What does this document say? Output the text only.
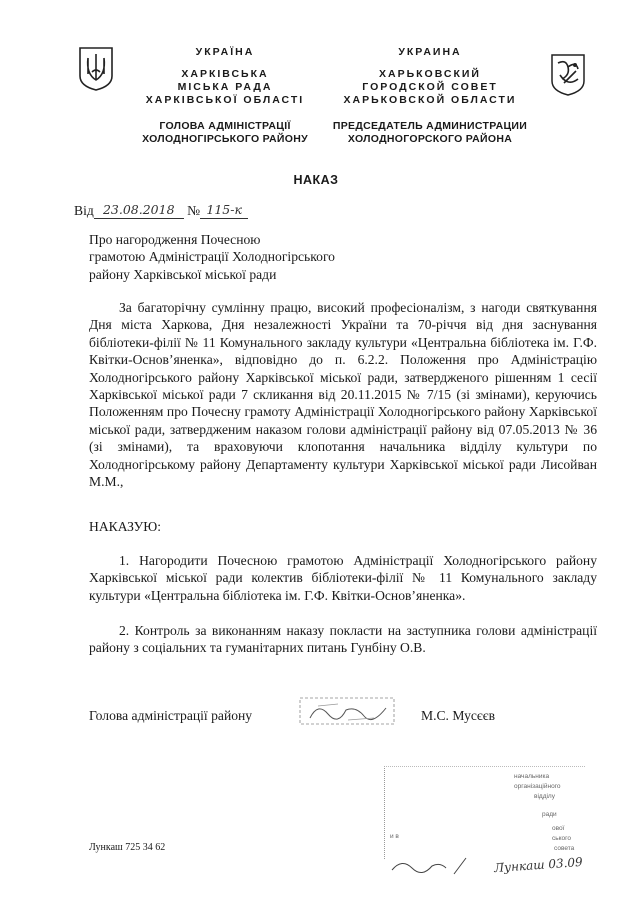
УКРАЇНА
ХАРКІВСЬКА
МІСЬКА РАДА
ХАРКІВСЬКОЇ ОБЛАСТІ
ГОЛОВА АДМІНІСТРАЦІЇ
ХОЛОДНОГІРСЬКОГО РАЙОНУ
УКРАИНА
ХАРЬКОВСКИЙ
ГОРОДСКОЙ СОВЕТ
ХАРЬКОВСКОЙ ОБЛАСТИ
ПРЕДСЕДАТЕЛЬ АДМИНИСТРАЦИИ
ХОЛОДНОГОРСКОГО РАЙОНА
НАКАЗ
Від 23.08.2018 № 115-к
Про нагородження Почесною
грамотою Адміністрації Холодногірського
району Харківської міської ради
За багаторічну сумлінну працю, високий професіоналізм, з нагоди святкування Дня міста Харкова, Дня незалежності України та 70-річчя від дня заснування бібліотеки-філії № 11 Комунального закладу культури «Центральна бібліотека ім. Г.Ф. Квітки-Основ’яненка», відповідно до п. 6.2.2. Положення про Адміністрацію Холодногірського району Харківської міської ради, затвердженого рішенням 1 сесії Харківської міської ради 7 скликання від 20.11.2015 № 7/15 (зі змінами), керуючись Положенням про Почесну грамоту Адміністрації Холодногірського району Харківської міської ради, затвердженим наказом голови адміністрації району від 07.05.2013 № 36 (зі змінами), та враховуючи клопотання начальника відділу культури по Холодногірському району Департаменту культури Харківської міської ради Лисойван М.М.,
НАКАЗУЮ:
1. Нагородити Почесною грамотою Адміністрації Холодногірського району Харківської міської ради колектив бібліотеки-філії № 11 Комунального закладу культури «Центральна бібліотека ім. Г.Ф. Квітки-Основ’яненка».
2. Контроль за виконанням наказу покласти на заступника голови адміністрації району з соціальних та гуманітарних питань Гунбіну О.В.
Голова адміністрації району	М.С. Мусєєв
начальника
організаційного
відділу
ради
ової
и в	ського
совета
Лункаш 03.09
Лункаш 725 34 62
